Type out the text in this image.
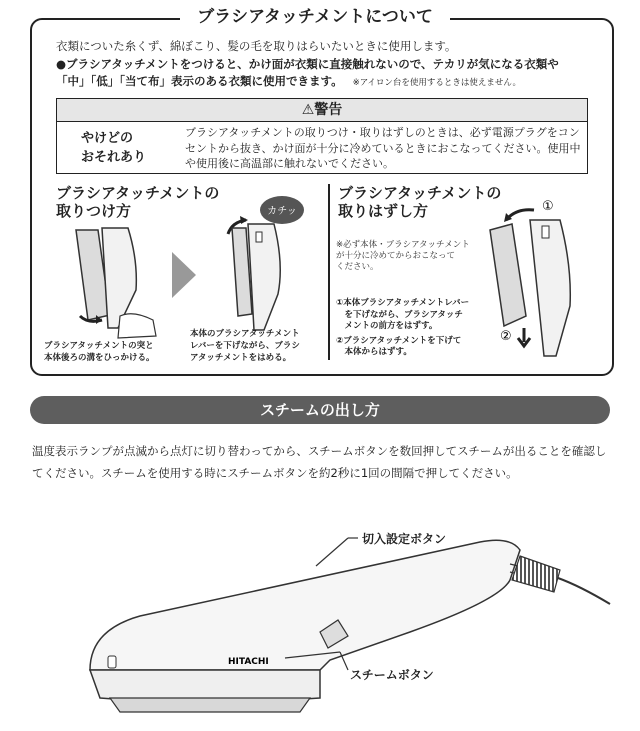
ブラシアタッチメントについて

衣類についた糸くず、綿ぼこり、髪の毛を取りはらいたいときに使用します。

●ブラシアタッチメントをつけると、かけ面が衣類に直接触れないので、テカリが気になる衣類や

「中」「低」「当て布」表示のある衣類に使用できます。 ※アイロン台を使用するときは使えません。

⚠警告
やけどの
おそれあり
ブラシアタッチメントの取りつけ・取りはずしのときは、必ず電源プラグをコンセントから抜き、かけ面が十分に冷めているときにおこなってください。使用中や使用後に高温部に触れないでください。
ブラシアタッチメントの
取りつけ方	カチッ
ブラシアタッチメントの突と
本体後ろの溝をひっかける。
本体のブラシアタッチメント
レバーを下げながら、ブラシ
アタッチメントをはめる。
ブラシアタッチメントの
取りはずし方
※必ず本体・ブラシアタッチメント
が十分に冷めてからおこなって
ください。

①本体ブラシアタッチメントレバー
　を下げながら、ブラシアタッチ
　メントの前方をはずす。

②ブラシアタッチメントを下げて
　本体からはずす。

①
②
スチームの出し方
温度表示ランプが点滅から点灯に切り替わってから、スチームボタンを数回押してスチームが出ることを確認してください。スチームを使用する時にスチームボタンを約2秒に1回の間隔で押してください。
HITACHI
切入設定ボタン
スチームボタン
